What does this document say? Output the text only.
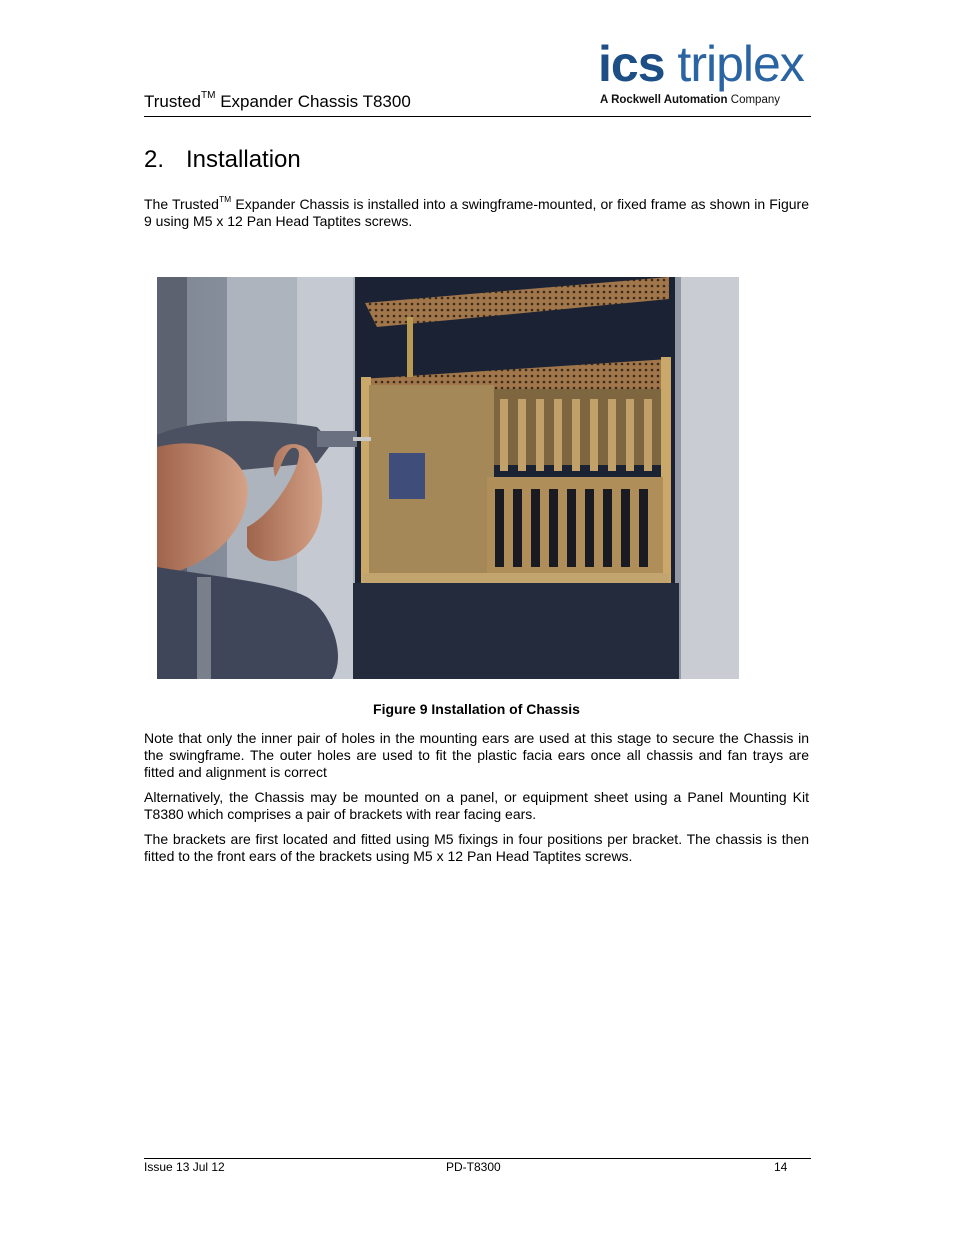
Trusted™ Expander Chassis T8300
ics triplex
A Rockwell Automation Company
2. Installation
The Trusted™ Expander Chassis is installed into a swingframe-mounted, or fixed frame as shown in Figure 9 using M5 x 12 Pan Head Taptites screws.
Figure 9 Installation of Chassis
Note that only the inner pair of holes in the mounting ears are used at this stage to secure the Chassis in the swingframe. The outer holes are used to fit the plastic facia ears once all chassis and fan trays are fitted and alignment is correct
Alternatively, the Chassis may be mounted on a panel, or equipment sheet using a Panel Mounting Kit T8380 which comprises a pair of brackets with rear facing ears.
The brackets are first located and fitted using M5 fixings in four positions per bracket. The chassis is then fitted to the front ears of the brackets using M5 x 12 Pan Head Taptites screws.
Issue 13 Jul 12	PD-T8300	14
